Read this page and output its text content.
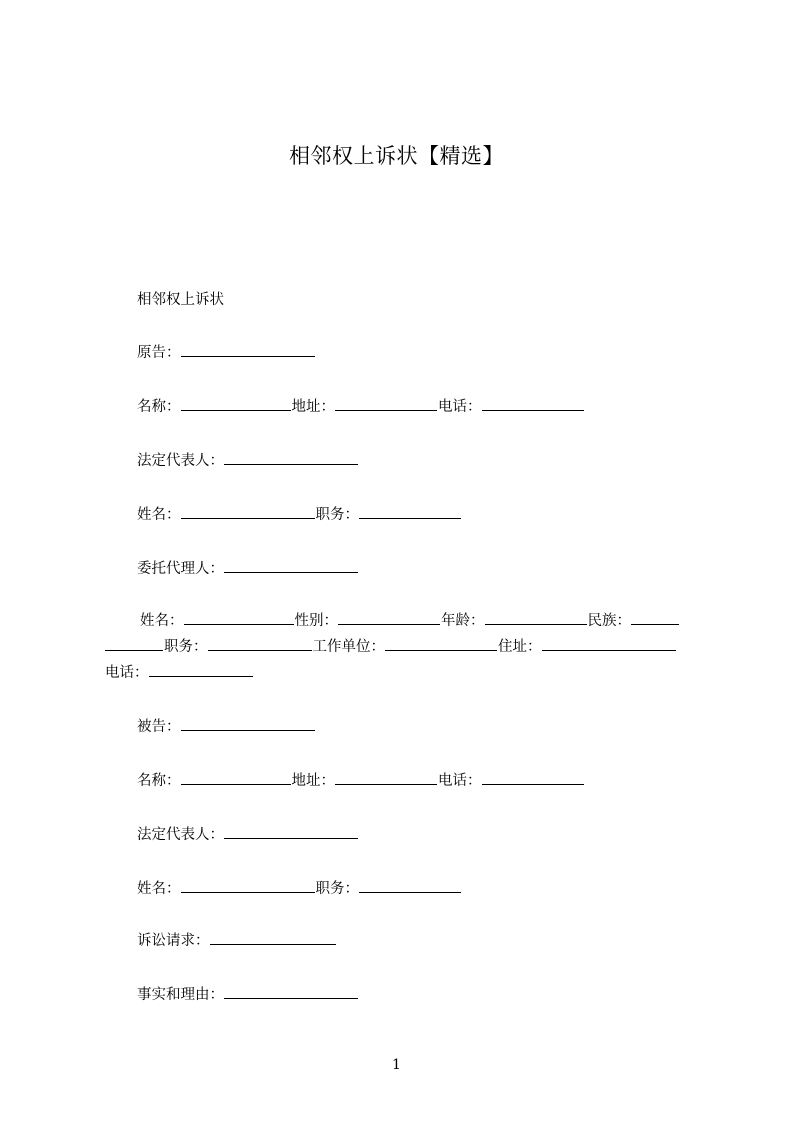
相邻权上诉状【精选】
相邻权上诉状
原告：
名称：	地址：	电话：
法定代表人：
姓名：	职务：
委托代理人：
姓名：	性别：	年龄：	民族：
职务：	工作单位：	住址：
电话：
被告：
名称：	地址：	电话：
法定代表人：
姓名：	职务：
诉讼请求：
事实和理由：
1
